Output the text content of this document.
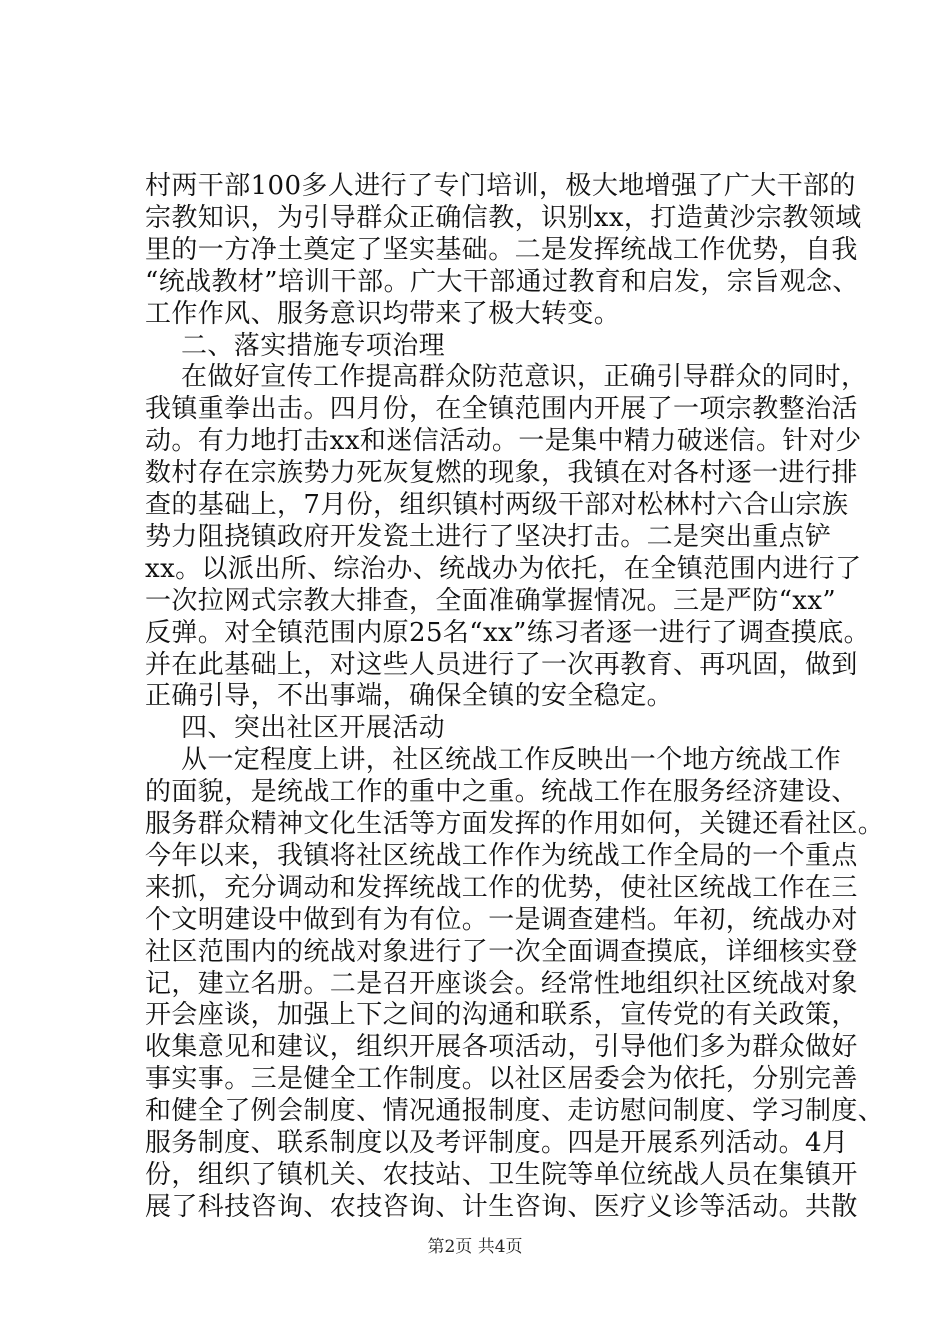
村两干部100多人进行了专门培训，极大地增强了广大干部的
宗教知识，为引导群众正确信教，识别xx，打造黄沙宗教领域
里的一方净土奠定了坚实基础。二是发挥统战工作优势，自我
“统战教材”培训干部。广大干部通过教育和启发，宗旨观念、
工作作风、服务意识均带来了极大转变。
二、落实措施专项治理
在做好宣传工作提高群众防范意识，正确引导群众的同时，
我镇重拳出击。四月份，在全镇范围内开展了一项宗教整治活
动。有力地打击xx和迷信活动。一是集中精力破迷信。针对少
数村存在宗族势力死灰复燃的现象，我镇在对各村逐一进行排
查的基础上，7月份，组织镇村两级干部对松林村六合山宗族
势力阻挠镇政府开发瓷土进行了坚决打击。二是突出重点铲
xx。以派出所、综治办、统战办为依托，在全镇范围内进行了
一次拉网式宗教大排查，全面准确掌握情况。三是严防“xx”
反弹。对全镇范围内原25名“xx”练习者逐一进行了调查摸底。
并在此基础上，对这些人员进行了一次再教育、再巩固，做到
正确引导，不出事端，确保全镇的安全稳定。
四、突出社区开展活动
从一定程度上讲，社区统战工作反映出一个地方统战工作
的面貌，是统战工作的重中之重。统战工作在服务经济建设、
服务群众精神文化生活等方面发挥的作用如何，关键还看社区。
今年以来，我镇将社区统战工作作为统战工作全局的一个重点
来抓，充分调动和发挥统战工作的优势，使社区统战工作在三
个文明建设中做到有为有位。一是调查建档。年初，统战办对
社区范围内的统战对象进行了一次全面调查摸底，详细核实登
记，建立名册。二是召开座谈会。经常性地组织社区统战对象
开会座谈，加强上下之间的沟通和联系，宣传党的有关政策，
收集意见和建议，组织开展各项活动，引导他们多为群众做好
事实事。三是健全工作制度。以社区居委会为依托，分别完善
和健全了例会制度、情况通报制度、走访慰问制度、学习制度、
服务制度、联系制度以及考评制度。四是开展系列活动。4月
份，组织了镇机关、农技站、卫生院等单位统战人员在集镇开
展了科技咨询、农技咨询、计生咨询、医疗义诊等活动。共散
第2页 共4页
